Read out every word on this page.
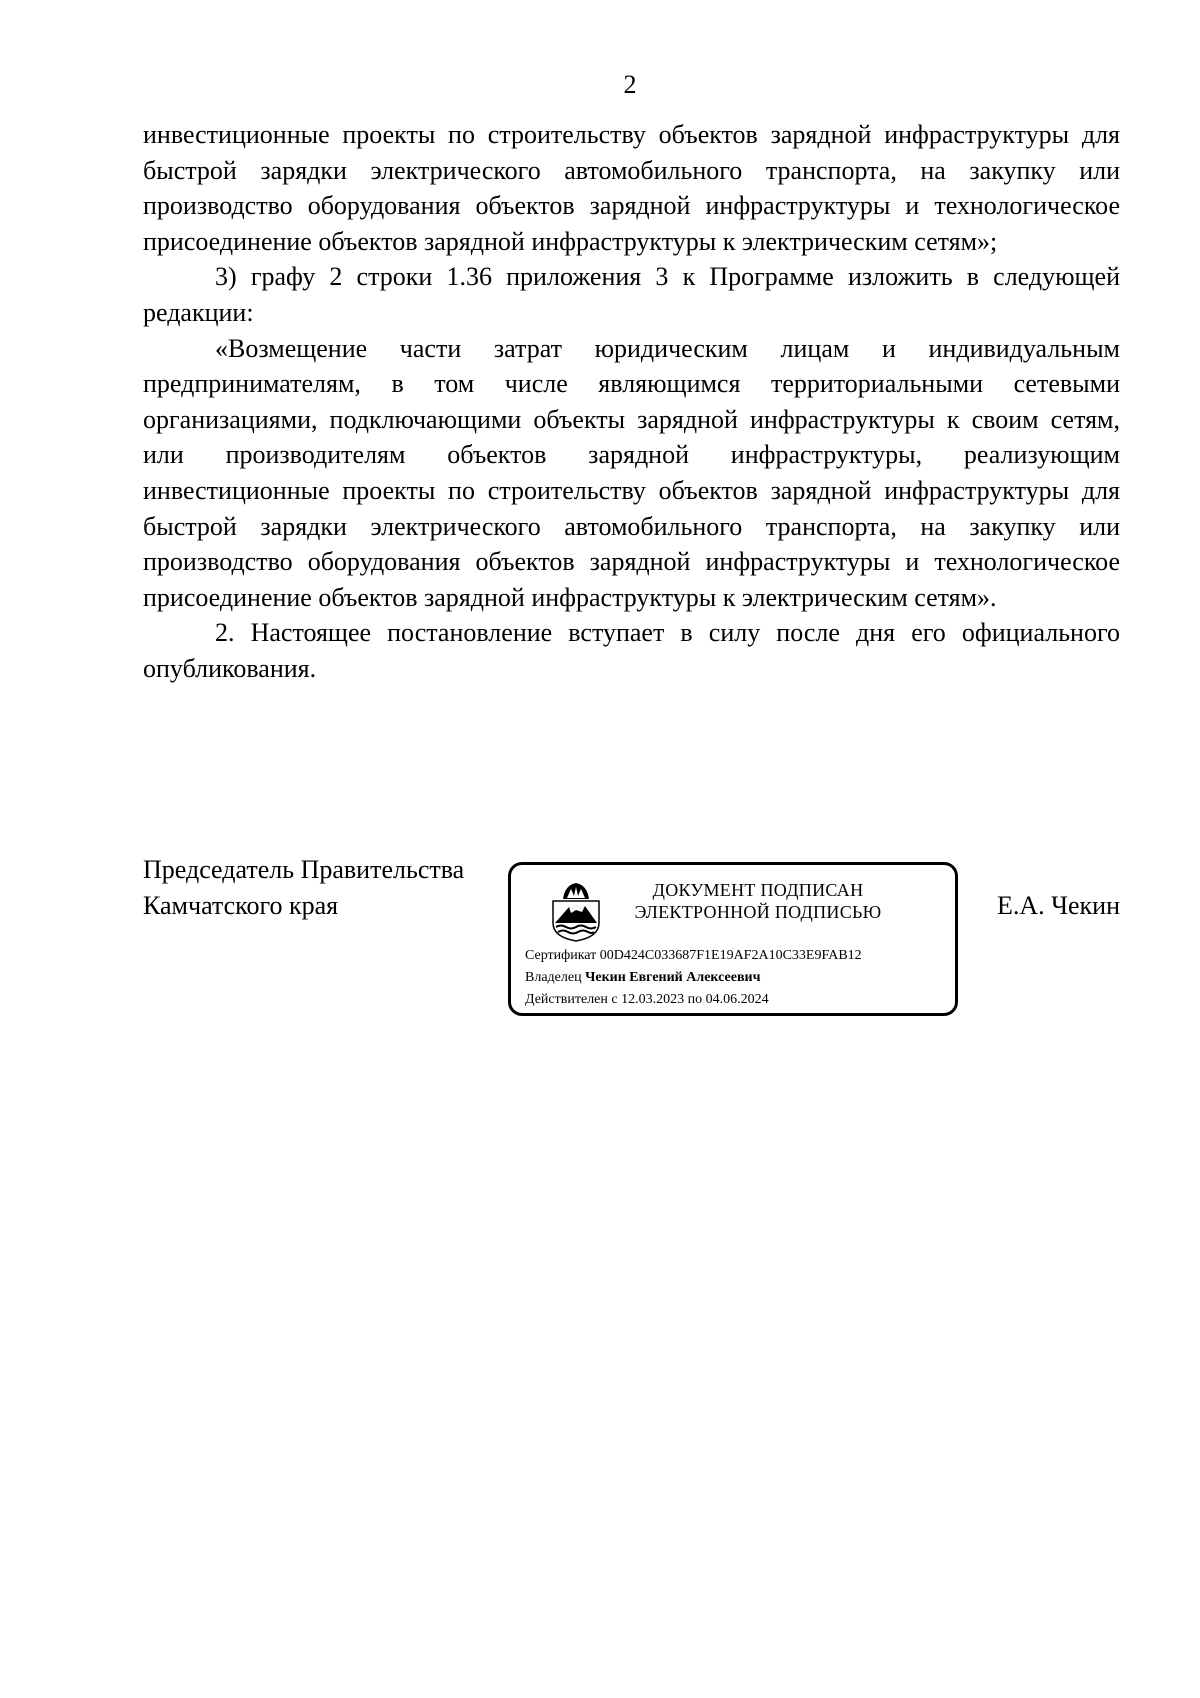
2

инвестиционные проекты по строительству объектов зарядной инфраструктуры для быстрой зарядки электрического автомобильного транспорта, на закупку или производство оборудования объектов зарядной инфраструктуры и технологическое присоединение объектов зарядной инфраструктуры к электрическим сетям»;

3) графу 2 строки 1.36 приложения 3 к Программе изложить в следующей редакции:

«Возмещение части затрат юридическим лицам и индивидуальным предпринимателям, в том числе являющимся территориальными сетевыми организациями, подключающими объекты зарядной инфраструктуры к своим сетям, или производителям объектов зарядной инфраструктуры, реализующим инвестиционные проекты по строительству объектов зарядной инфраструктуры для быстрой зарядки электрического автомобильного транспорта, на закупку или производство оборудования объектов зарядной инфраструктуры и технологическое присоединение объектов зарядной инфраструктуры к электрическим сетям».

2. Настоящее постановление вступает в силу после дня его официального опубликования.

Председатель Правительства
Камчатского края
ДОКУМЕНТ ПОДПИСАН
ЭЛЕКТРОННОЙ ПОДПИСЬЮ
Сертификат 00D424C033687F1E19AF2A10C33E9FAB12
Владелец Чекин Евгений Алексеевич
Действителен с 12.03.2023 по 04.06.2024
Е.А. Чекин
